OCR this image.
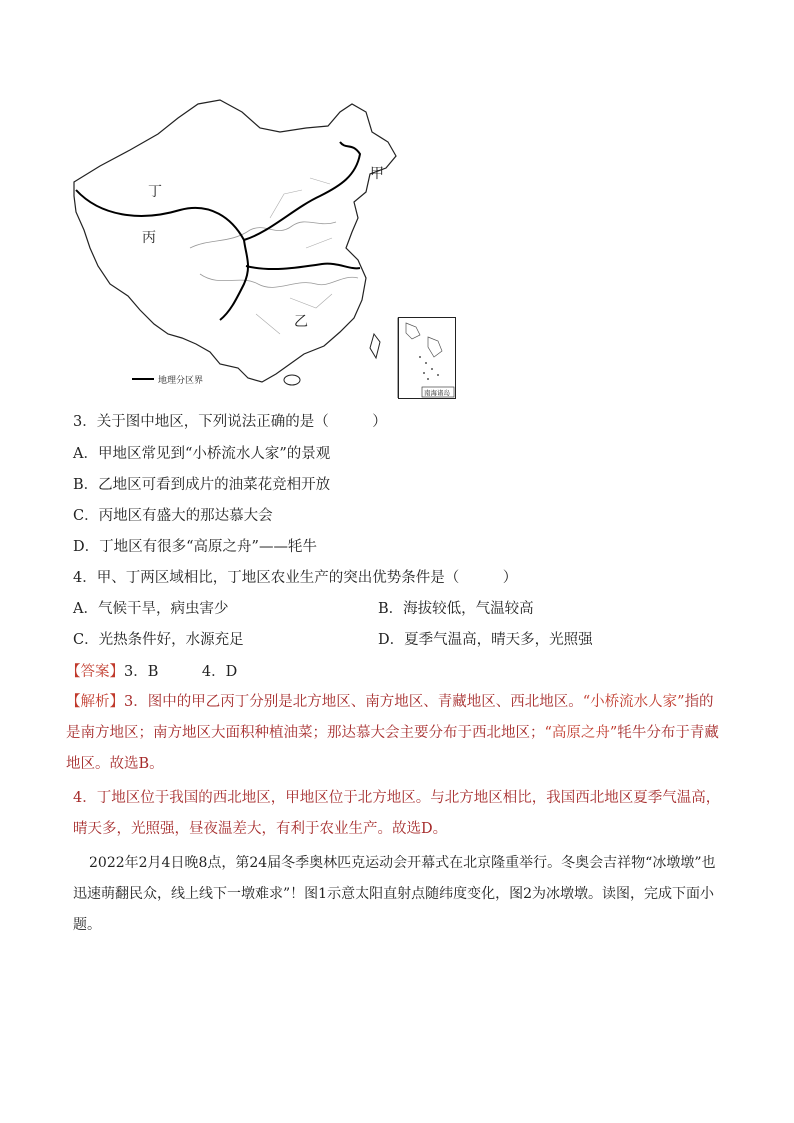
甲
丁
丙
乙
地理分区界
南海诸岛
3．关于图中地区，下列说法正确的是（　　　）
A．甲地区常见到“小桥流水人家”的景观
B．乙地区可看到成片的油菜花竞相开放
C．丙地区有盛大的那达慕大会
D．丁地区有很多“高原之舟”——牦牛
4．甲、丁两区域相比，丁地区农业生产的突出优势条件是（　　　）
A．气候干旱，病虫害少	B．海拔较低，气温较高
C．光热条件好，水源充足	D．夏季气温高，晴天多，光照强
【答案】3．B　　　4．D
【解析】3．图中的甲乙丙丁分别是北方地区、南方地区、青藏地区、西北地区。“小桥流水人家”指的是南方地区；南方地区大面积种植油菜；那达慕大会主要分布于西北地区；“高原之舟”牦牛分布于青藏地区。故选B。
4．丁地区位于我国的西北地区，甲地区位于北方地区。与北方地区相比，我国西北地区夏季气温高，晴天多，光照强，昼夜温差大，有利于农业生产。故选D。
2022年2月4日晚8点，第24届冬季奥林匹克运动会开幕式在北京隆重举行。冬奥会吉祥物“冰墩墩”也迅速萌翻民众，线上线下一墩难求”！图1示意太阳直射点随纬度变化，图2为冰墩墩。读图，完成下面小题。
